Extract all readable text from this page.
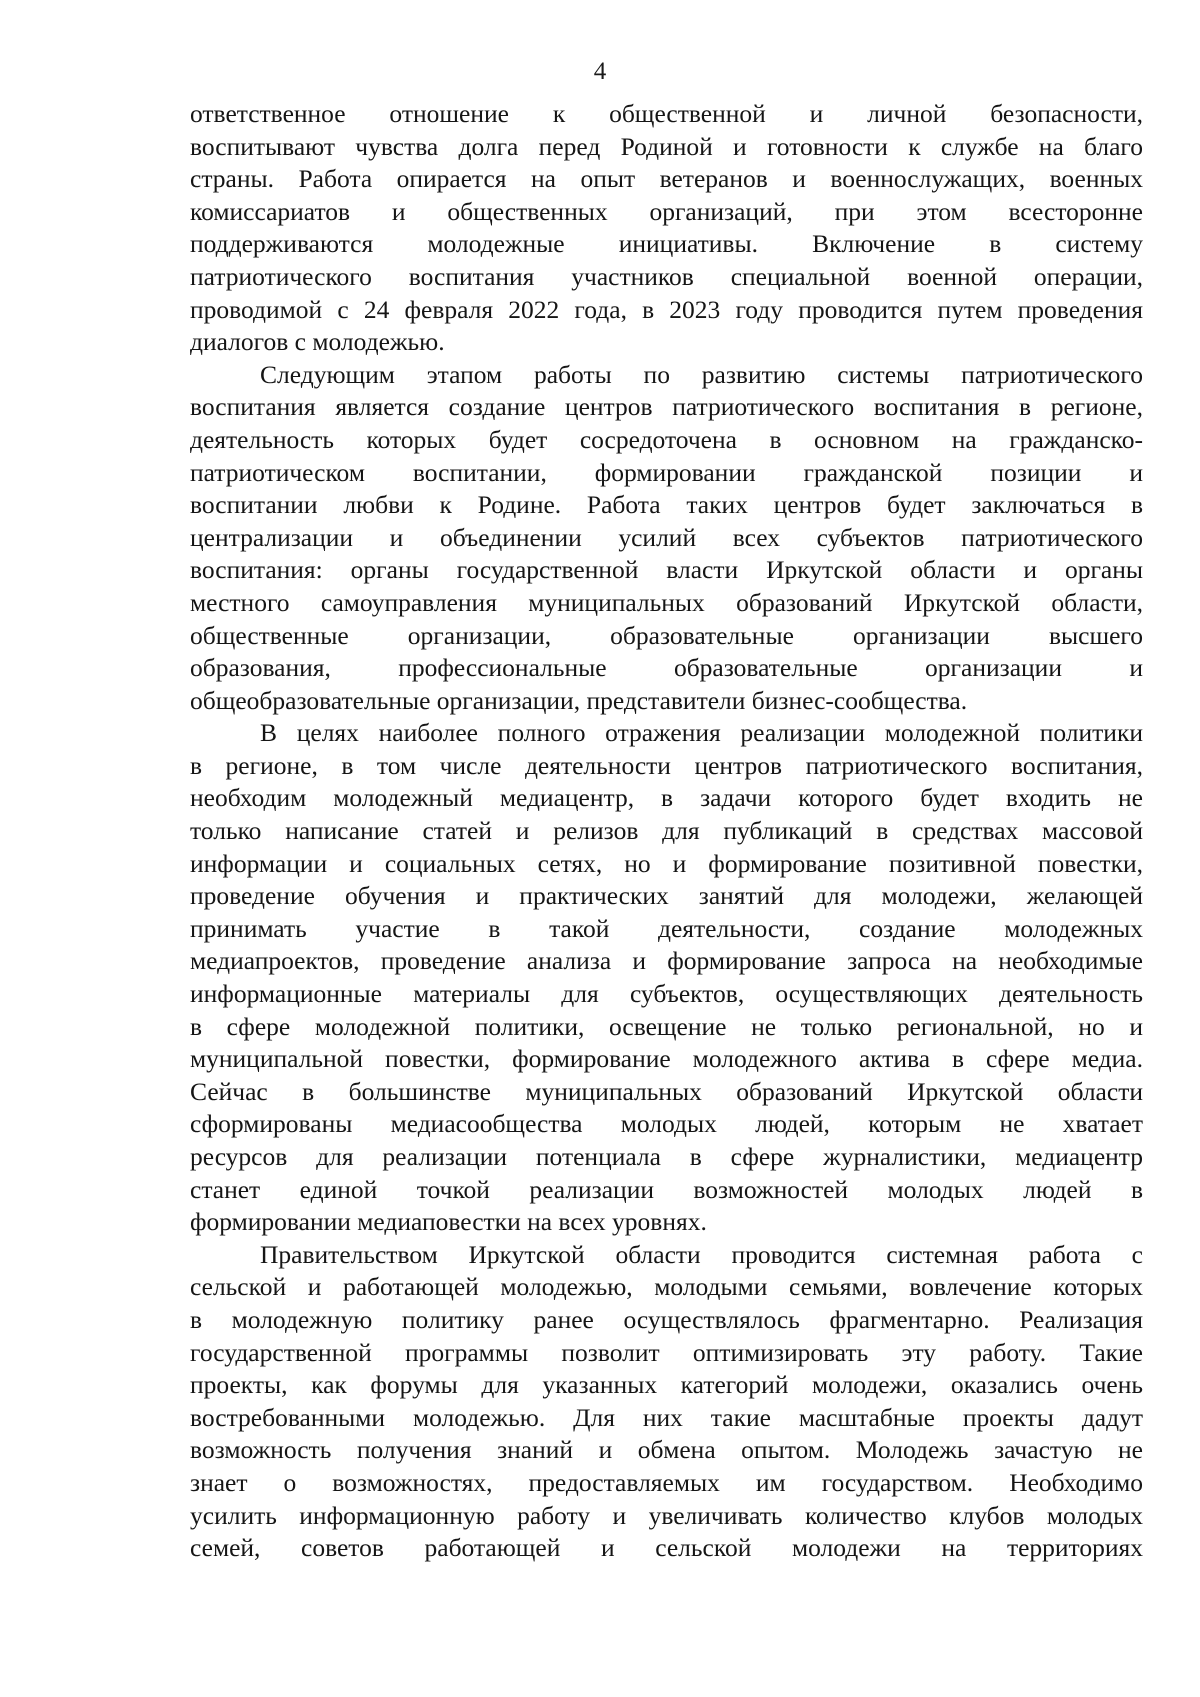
4
ответственное отношение к общественной и личной безопасности,
воспитывают чувства долга перед Родиной и готовности к службе на благо
страны. Работа опирается на опыт ветеранов и военнослужащих, военных
комиссариатов и общественных организаций, при этом всесторонне
поддерживаются молодежные инициативы. Включение в систему
патриотического воспитания участников специальной военной операции,
проводимой с 24 февраля 2022 года, в 2023 году проводится путем проведения
диалогов с молодежью.
Следующим этапом работы по развитию системы патриотического
воспитания является создание центров патриотического воспитания в регионе,
деятельность которых будет сосредоточена в основном на гражданско-
патриотическом воспитании, формировании гражданской позиции и
воспитании любви к Родине. Работа таких центров будет заключаться в
централизации и объединении усилий всех субъектов патриотического
воспитания: органы государственной власти Иркутской области и органы
местного самоуправления муниципальных образований Иркутской области,
общественные организации, образовательные организации высшего
образования, профессиональные образовательные организации и
общеобразовательные организации, представители бизнес-сообщества.
В целях наиболее полного отражения реализации молодежной политики
в регионе, в том числе деятельности центров патриотического воспитания,
необходим молодежный медиацентр, в задачи которого будет входить не
только написание статей и релизов для публикаций в средствах массовой
информации и социальных сетях, но и формирование позитивной повестки,
проведение обучения и практических занятий для молодежи, желающей
принимать участие в такой деятельности, создание молодежных
медиапроектов, проведение анализа и формирование запроса на необходимые
информационные материалы для субъектов, осуществляющих деятельность
в сфере молодежной политики, освещение не только региональной, но и
муниципальной повестки, формирование молодежного актива в сфере медиа.
Сейчас в большинстве муниципальных образований Иркутской области
сформированы медиасообщества молодых людей, которым не хватает
ресурсов для реализации потенциала в сфере журналистики, медиацентр
станет единой точкой реализации возможностей молодых людей в
формировании медиаповестки на всех уровнях.
Правительством Иркутской области проводится системная работа с
сельской и работающей молодежью, молодыми семьями, вовлечение которых
в молодежную политику ранее осуществлялось фрагментарно. Реализация
государственной программы позволит оптимизировать эту работу. Такие
проекты, как форумы для указанных категорий молодежи, оказались очень
востребованными молодежью. Для них такие масштабные проекты дадут
возможность получения знаний и обмена опытом. Молодежь зачастую не
знает о возможностях, предоставляемых им государством. Необходимо
усилить информационную работу и увеличивать количество клубов молодых
семей, советов работающей и сельской молодежи на территориях
